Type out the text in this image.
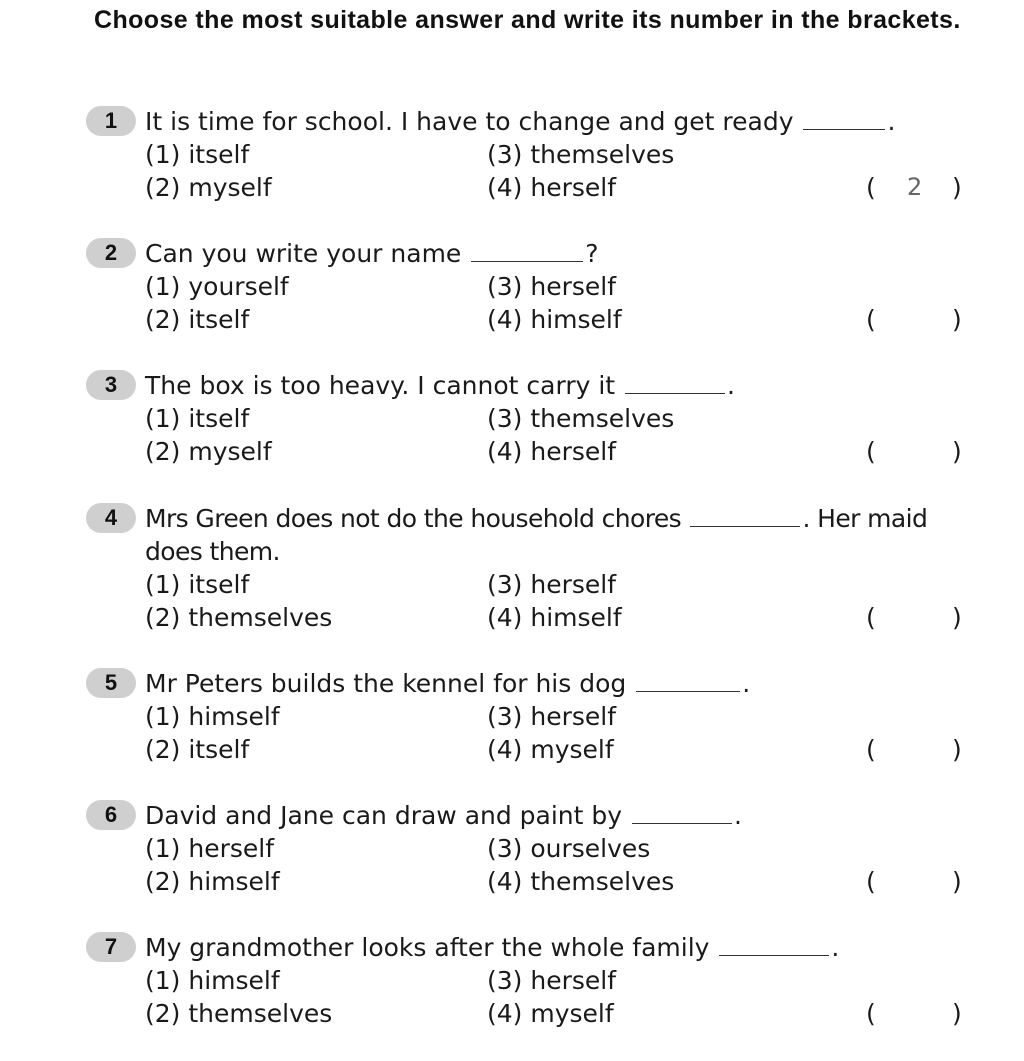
Choose the most suitable answer and write its number in the brackets.
1	It is time for school. I have to change and get ready	.
(1) itself
(2) myself
(3) themselves
(4) herself	( 2 )
2	Can you write your name	?
(1) yourself
(2) itself
(3) herself
(4) himself	(	)
3	The box is too heavy. I cannot carry it	.
(1) itself
(2) myself
(3) themselves
(4) herself	(	)
4	Mrs Green does not do the household chores	. Her maid does them.
(1) itself
(2) themselves
(3) herself
(4) himself	(	)
5	Mr Peters builds the kennel for his dog	.
(1) himself
(2) itself
(3) herself
(4) myself	(	)
6	David and Jane can draw and paint by	.
(1) herself
(2) himself
(3) ourselves
(4) themselves	(	)
7	My grandmother looks after the whole family	.
(1) himself
(2) themselves
(3) herself
(4) myself	(	)
